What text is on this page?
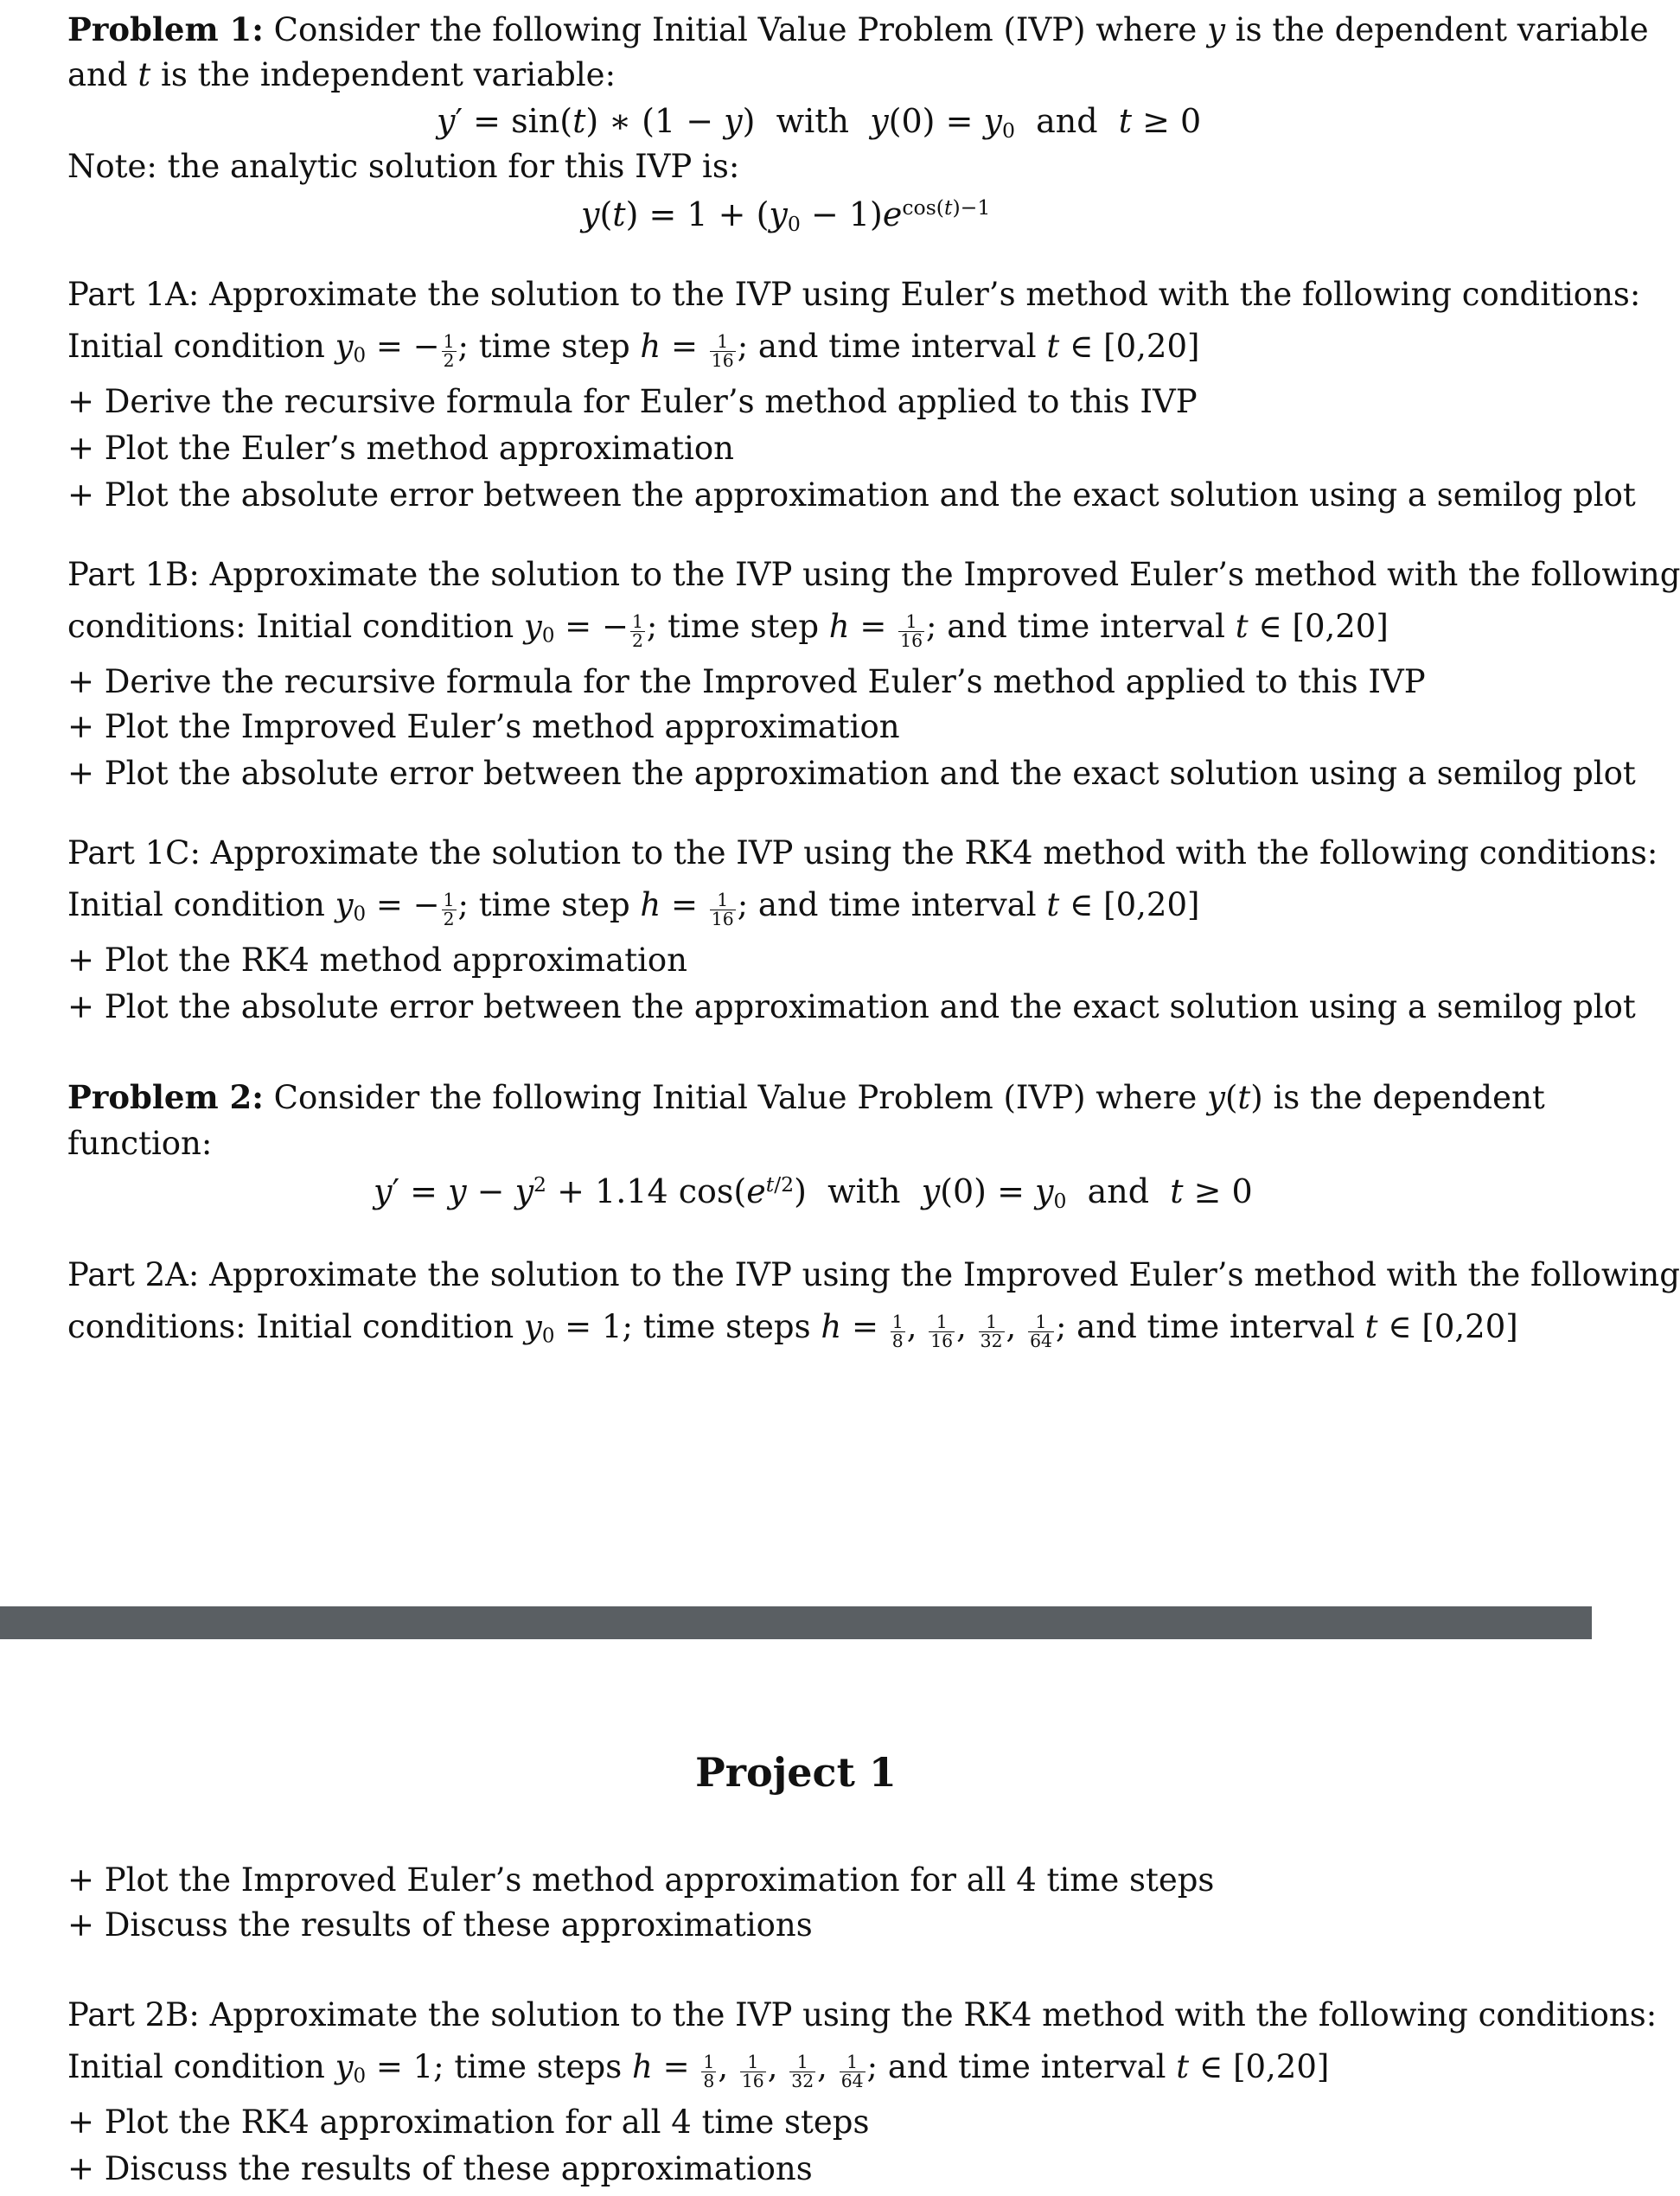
Problem 1: Consider the following Initial Value Problem (IVP) where y is the dependent variable

and t is the independent variable:

y′ = sin(t) ∗ (1 − y)  with  $y(0) = y_0$  and  t ≥ 0

Note: the analytic solution for this IVP is:

$y(t) = 1 + (y_0 - 1)e^{cos(t)-1}$

Part 1A: Approximate the solution to the IVP using Euler’s method with the following conditions:

Initial condition $y_0$ = − $\frac{1}{2}$ ; time step $h = \frac{1}{16}$ ; and time interval t ∈ [0,20]

+ Derive the recursive formula for Euler’s method applied to this IVP

+ Plot the Euler’s method approximation

+ Plot the absolute error between the approximation and the exact solution using a semilog plot

Part 1B: Approximate the solution to the IVP using the Improved Euler’s method with the following

conditions: Initial condition $y_0$ = − $\frac{1}{2}$ ; time step $h = \frac{1}{16}$ ; and time interval t ∈ [0,20]

+ Derive the recursive formula for the Improved Euler’s method applied to this IVP

+ Plot the Improved Euler’s method approximation

+ Plot the absolute error between the approximation and the exact solution using a semilog plot

Part 1C: Approximate the solution to the IVP using the RK4 method with the following conditions:

Initial condition $y_0$ = − $\frac{1}{2}$ ; time step $h = \frac{1}{16}$ ; and time interval t ∈ [0,20]

+ Plot the RK4 method approximation

+ Plot the absolute error between the approximation and the exact solution using a semilog plot

Problem 2: Consider the following Initial Value Problem (IVP) where y(t) is the dependent

function:

$y' = y - y^2 + 1.14$ $\cos(e^{t/2})$  with  $y(0) = y_0$  and  t ≥ 0

Part 2A: Approximate the solution to the IVP using the Improved Euler’s method with the following

conditions: Initial condition $y_0 = 1$; time steps $h = \frac{1}{8}$ , $\frac{1}{16}$ , $\frac{1}{32}$ , $\frac{1}{64}$ ; and time interval t ∈ [0,20]

Project 1

+ Plot the Improved Euler’s method approximation for all 4 time steps

+ Discuss the results of these approximations

Part 2B: Approximate the solution to the IVP using the RK4 method with the following conditions:

Initial condition $y_0 = 1$; time steps $h = \frac{1}{8}$ , $\frac{1}{16}$ , $\frac{1}{32}$ , $\frac{1}{64}$ ; and time interval t ∈ [0,20]

+ Plot the RK4 approximation for all 4 time steps

+ Discuss the results of these approximations
